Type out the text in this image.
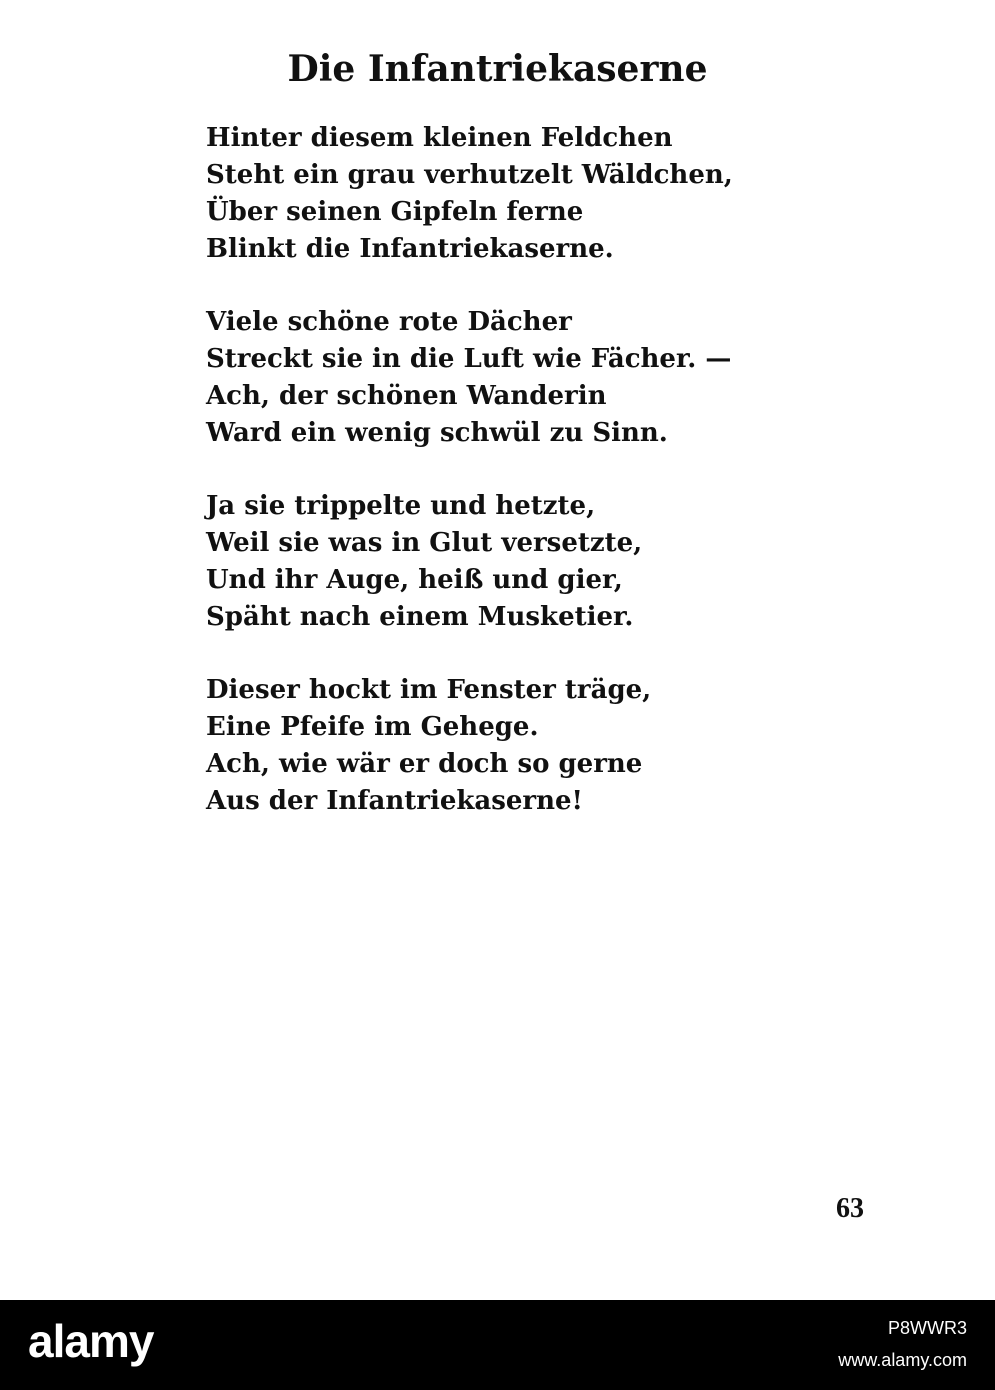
Die Infantriekaserne
Hinter diesem kleinen Feldchen
Steht ein grau verhutzelt Wäldchen,
Über seinen Gipfeln ferne
Blinkt die Infantriekaserne.
Viele schöne rote Dächer
Streckt sie in die Luft wie Fächer. —
Ach, der schönen Wanderin
Ward ein wenig schwül zu Sinn.
Ja sie trippelte und hetzte,
Weil sie was in Glut versetzte,
Und ihr Auge, heiß und gier,
Späht nach einem Musketier.
Dieser hockt im Fenster träge,
Eine Pfeife im Gehege.
Ach, wie wär er doch so gerne
Aus der Infantriekaserne!
63
alamy	P8WWR3
www.alamy.com
